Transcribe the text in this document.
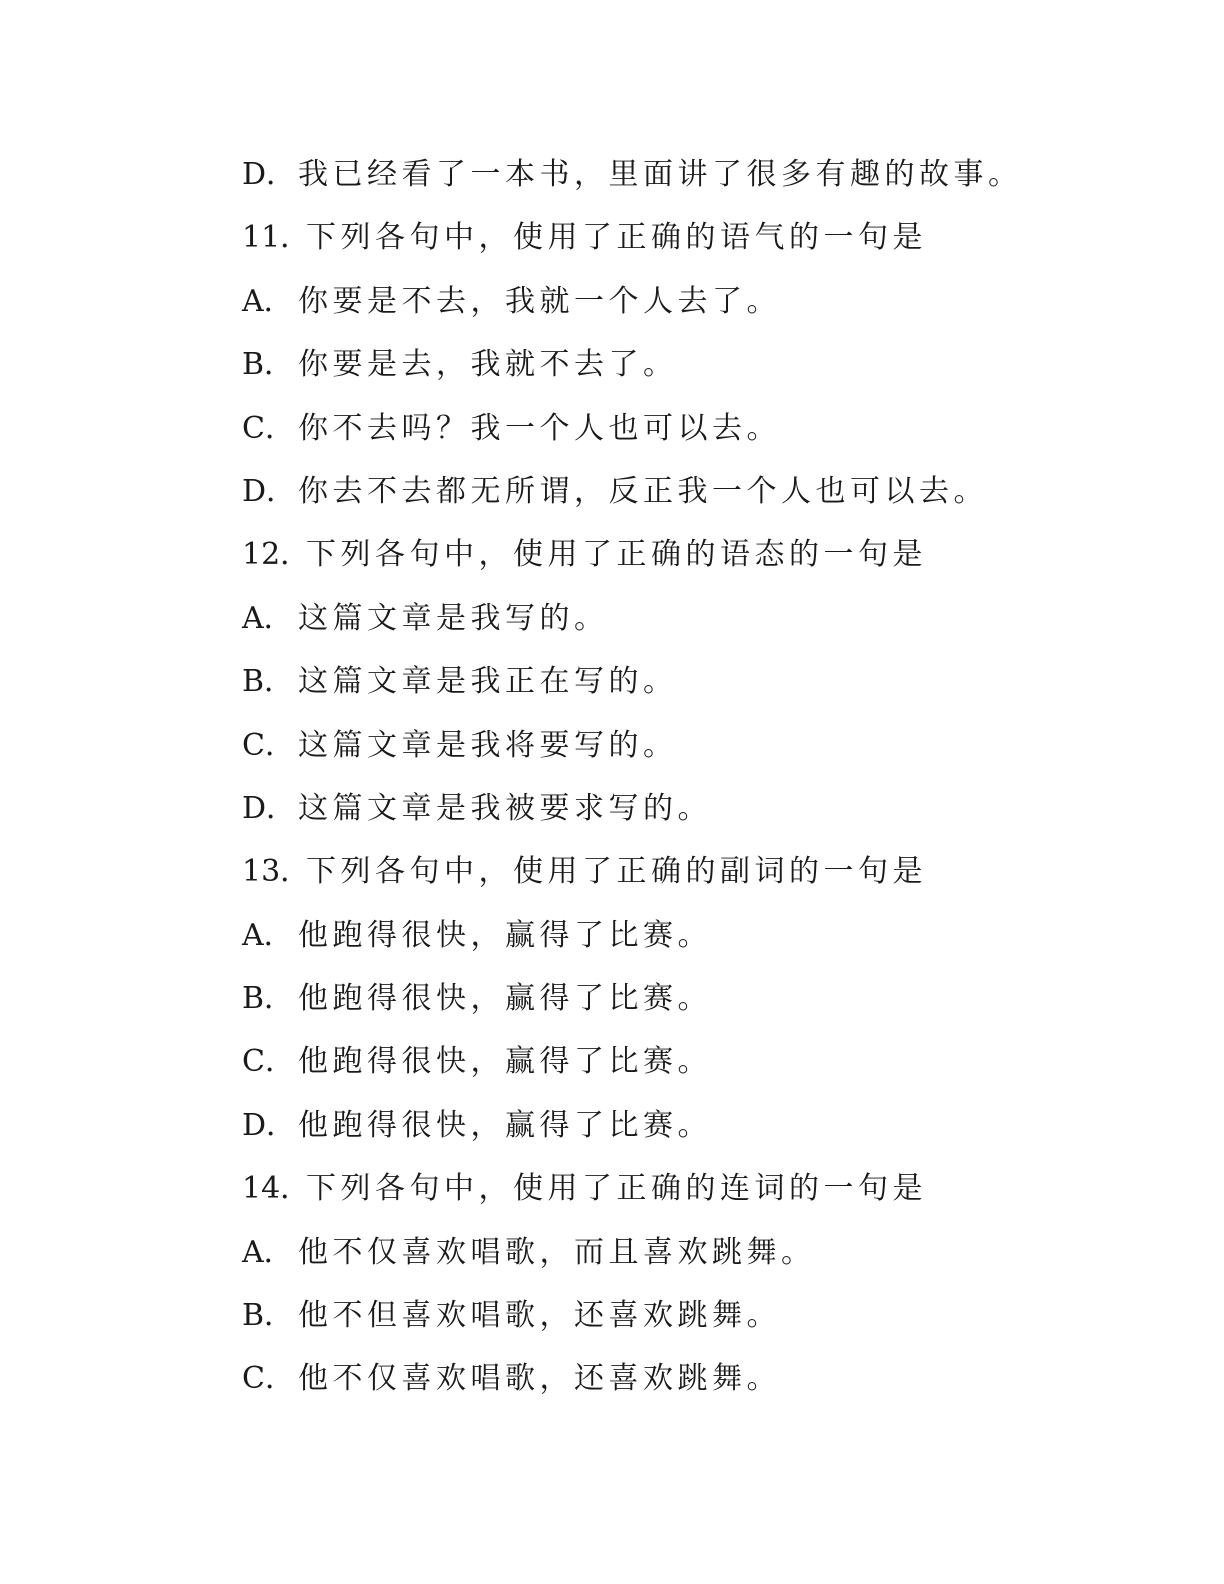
D．我已经看了一本书，里面讲了很多有趣的故事。
11．下列各句中，使用了正确的语气的一句是
A． 你要是不去，我就一个人去了。
B． 你要是去，我就不去了。
C． 你不去吗？我一个人也可以去。
D．你去不去都无所谓，反正我一个人也可以去。
12．下列各句中，使用了正确的语态的一句是
A． 这篇文章是我写的。
B． 这篇文章是我正在写的。
C． 这篇文章是我将要写的。
D．这篇文章是我被要求写的。
13．下列各句中，使用了正确的副词的一句是
A． 他跑得很快，赢得了比赛。
B． 他跑得很快，赢得了比赛。
C． 他跑得很快，赢得了比赛。
D．他跑得很快，赢得了比赛。
14．下列各句中，使用了正确的连词的一句是
A． 他不仅喜欢唱歌，而且喜欢跳舞。
B． 他不但喜欢唱歌，还喜欢跳舞。
C． 他不仅喜欢唱歌，还喜欢跳舞。
